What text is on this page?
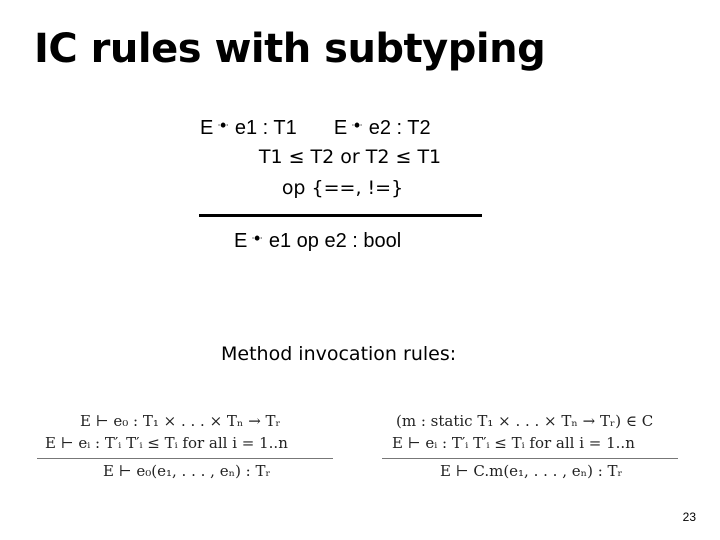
IC rules with subtyping
E ꔹ e1 : T1 E ꔹ e2 : T2
T1 ≤ T2 or T2 ≤ T1
op {==, !=}
E ꔹ e1 op e2 : bool
Method invocation rules:
E ⊢ e₀ : T₁ × . . . × Tₙ → Tᵣ
E ⊢ eᵢ : T′ᵢ T′ᵢ ≤ Tᵢ for all i = 1..n
E ⊢ e₀(e₁, . . . , eₙ) : Tᵣ
(m : static T₁ × . . . × Tₙ → Tᵣ) ∈ C
E ⊢ eᵢ : T′ᵢ T′ᵢ ≤ Tᵢ for all i = 1..n
E ⊢ C.m(e₁, . . . , eₙ) : Tᵣ
23
